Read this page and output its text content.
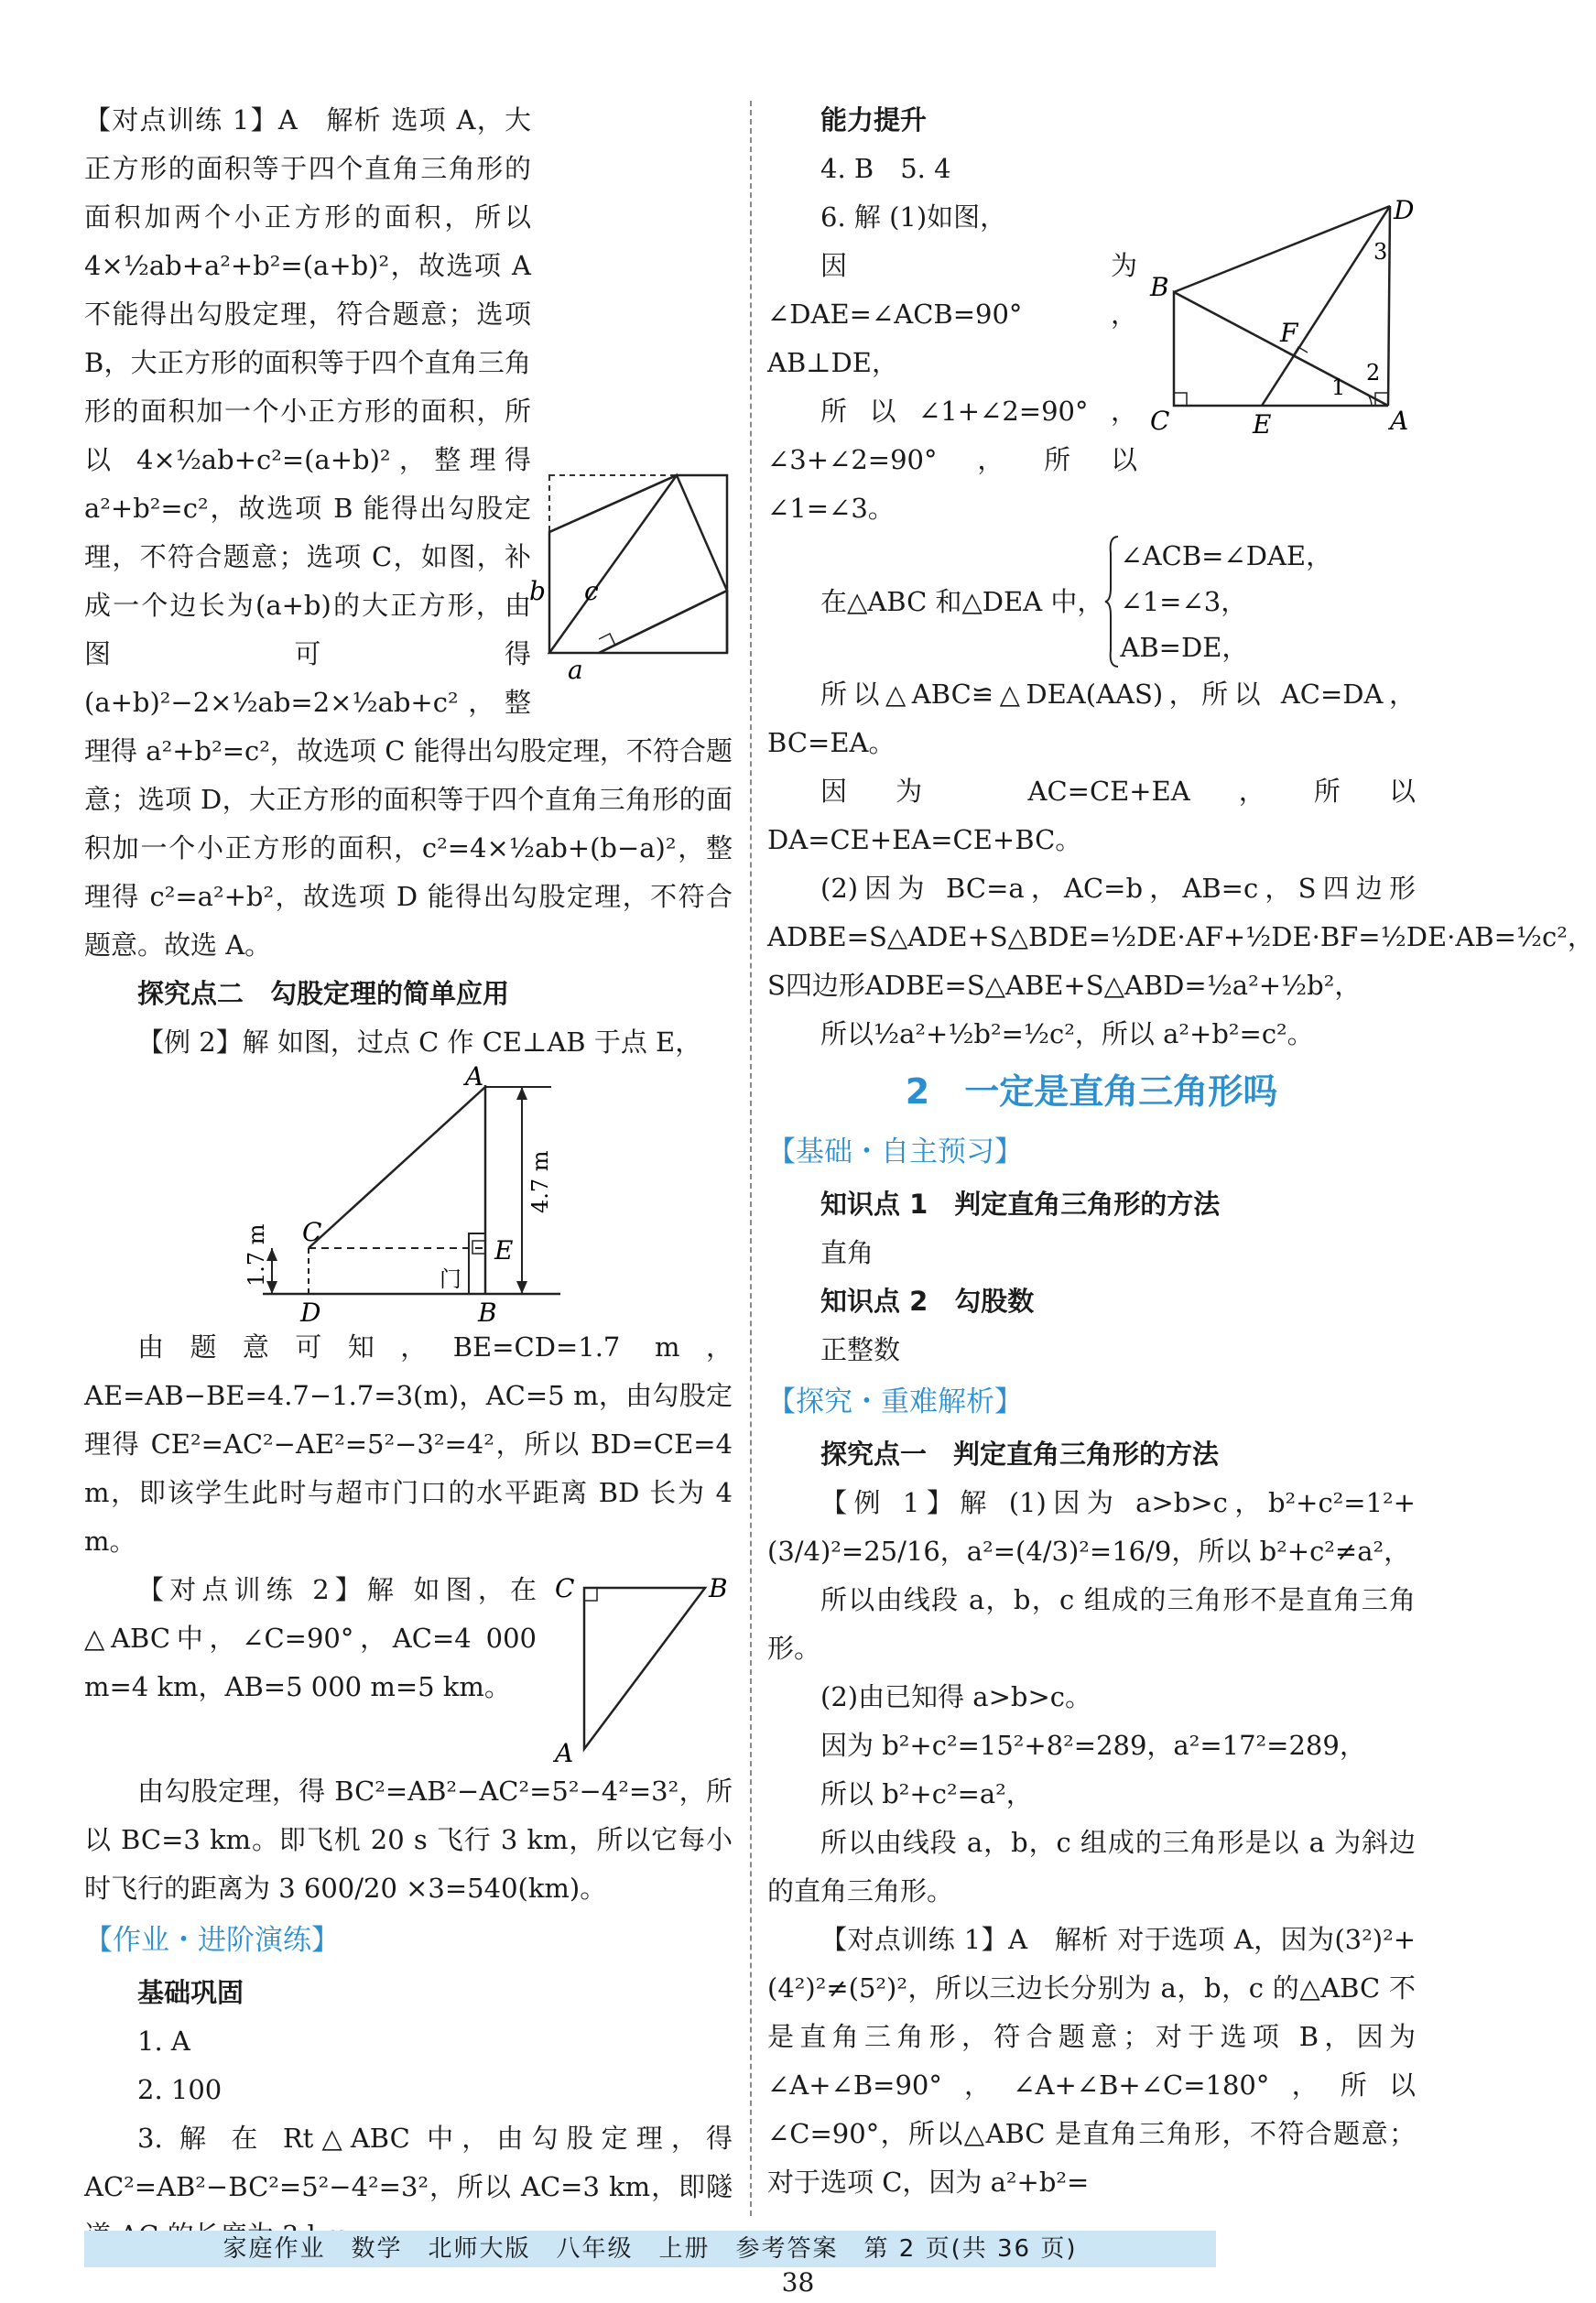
b c
a

【对点训练 1】A　解析 选项 A，大正方形的面积等于四个直角三角形的面积加两个小正方形的面积，所以 4×½ab+a²+b²=(a+b)²，故选项 A 不能得出勾股定理，符合题意；选项 B，大正方形的面积等于四个直角三角形的面积加一个小正方形的面积，所以 4×½ab+c²=(a+b)²，整理得 a²+b²=c²，故选项 B 能得出勾股定理，不符合题意；选项 C，如图，补成一个边长为(a+b)的大正方形，由图可得(a+b)²−2×½ab=2×½ab+c²，整理得 a²+b²=c²，故选项 C 能得出勾股定理，不符合题意；选项 D，大正方形的面积等于四个直角三角形的面积加一个小正方形的面积，c²=4×½ab+(b−a)²，整理得 c²=a²+b²，故选项 D 能得出勾股定理，不符合题意。故选 A。

探究点二　勾股定理的简单应用

【例 2】解 如图，过点 C 作 CE⊥AB 于点 E，

A
C
E
D	B
门
1.7 m
4.7 m

由题意可知，BE=CD=1.7 m，AE=AB−BE=4.7−1.7=3(m)，AC=5 m，由勾股定理得 CE²=AC²−AE²=5²−3²=4²，所以 BD=CE=4 m，即该学生此时与超市门口的水平距离 BD 长为 4 m。

C	B
A

【对点训练 2】解 如图，在△ABC中，∠C=90°，AC=4 000 m=4 km，AB=5 000 m=5 km。

由勾股定理，得 BC²=AB²−AC²=5²−4²=3²，所以 BC=3 km。即飞机 20 s 飞行 3 km，所以它每小时飞行的距离为 3 600/20 ×3=540(km)。

【作业・进阶演练】

基础巩固

1. A

2. 100

3. 解 在 Rt△ABC 中，由勾股定理，得 AC²=AB²−BC²=5²−4²=3²，所以 AC=3 km，即隧

能力提升

4. B　5. 4

D
B
F
C	E	A
1
2
3

6. 解 (1)如图，

因为∠DAE=∠ACB=90°，AB⊥DE，

所以∠1+∠2=90°，∠3+∠2=90°，所以∠1=∠3。

在△ABC 和△DEA 中，
∠ACB=∠DAE，
∠1=∠3，
AB=DE，

所以△ABC≌△DEA(AAS)，所以 AC=DA，BC=EA。

因为 AC=CE+EA，所以 DA=CE+EA=CE+BC。

(2)因为 BC=a，AC=b，AB=c，S四边形ADBE=S△ADE+S△BDE=½DE·AF+½DE·BF=½DE·AB=½c²，S四边形ADBE=S△ABE+S△ABD=½a²+½b²，

所以½a²+½b²=½c²，所以 a²+b²=c²。

2　一定是直角三角形吗

【基础・自主预习】

知识点 1　判定直角三角形的方法

直角

知识点 2　勾股数

正整数

【探究・重难解析】

探究点一　判定直角三角形的方法

【例 1】解 (1)因为 a>b>c，b²+c²=1²+(3/4)²=25/16，a²=(4/3)²=16/9，所以 b²+c²≠a²，

所以由线段 a，b，c 组成的三角形不是直角三角形。

(2)由已知得 a>b>c。

因为 b²+c²=15²+8²=289，a²=17²=289，

所以 b²+c²=a²，

所以由线段 a，b，c 组成的三角形是以 a 为斜边的直角三角形。

【对点训练 1】A　解析 对于选项 A，因为(3²)²+(4²)²≠(5²)²，所以三边长分别为 a，b，c 的△ABC 不是直角三角形，符合题意；对于选项 B，因为∠A+∠B=90°，∠A+∠B+∠C=180°，所以∠C=90°，所以△ABC 是直角三角形，不符合题意；对于选项 C，因为 a²+b²=

家庭作业　数学　北师大版　八年级　上册　参考答案　第 2 页(共 36 页)
38
